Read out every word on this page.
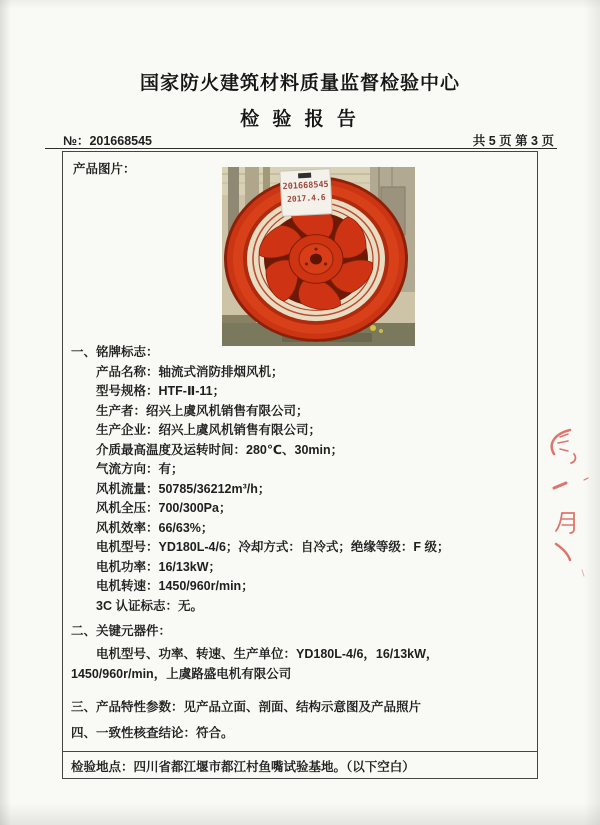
国家防火建筑材料质量监督检验中心
检 验 报 告
№：201668545	共 5 页 第 3 页
产品图片：
201668545
2017.4.6
一、铭牌标志：
产品名称：轴流式消防排烟风机；
型号规格：HTF-Ⅱ-11；
生产者：绍兴上虞风机销售有限公司；
生产企业：绍兴上虞风机销售有限公司；
介质最高温度及运转时间：280℃、30min；
气流方向：有；
风机流量：50785/36212m³/h；
风机全压：700/300Pa；
风机效率：66/63%；
电机型号：YD180L-4/6；冷却方式：自冷式；绝缘等级：F 级；
电机功率：16/13kW；
电机转速：1450/960r/min；
3C 认证标志：无。
二、关键元器件：

电机型号、功率、转速、生产单位：YD180L-4/6，16/13kW，1450/960r/min，上虞路盛电机有限公司

三、产品特性参数：见产品立面、剖面、结构示意图及产品照片
四、一致性核查结论：符合。
检验地点：四川省都江堰市都江村鱼嘴试验基地。（以下空白）
